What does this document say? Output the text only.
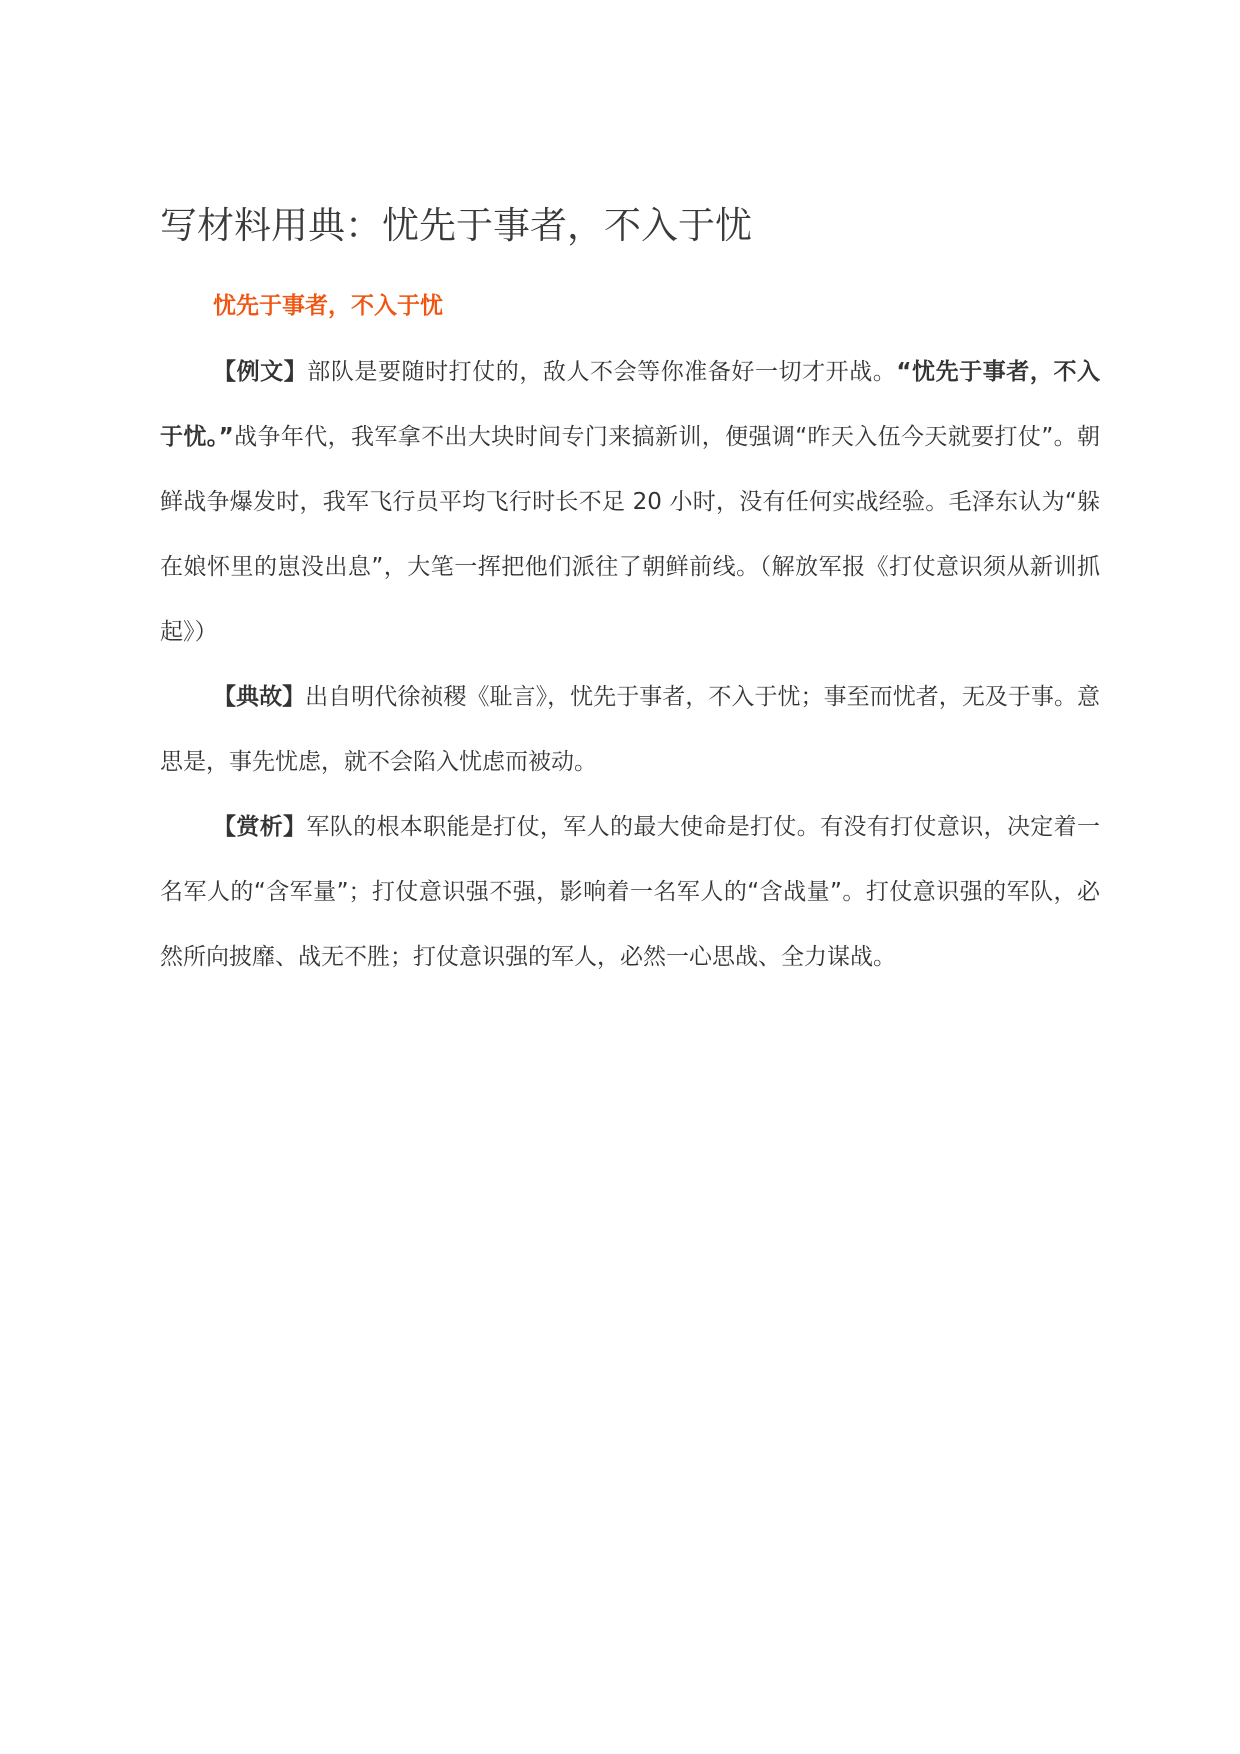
写材料用典：忧先于事者，不入于忧
忧先于事者，不入于忧

【例文】部队是要随时打仗的，敌人不会等你准备好一切才开战。“忧先于事者，不入于忧。”战争年代，我军拿不出大块时间专门来搞新训，便强调“昨天入伍今天就要打仗”。朝鲜战争爆发时，我军飞行员平均飞行时长不足 20 小时，没有任何实战经验。毛泽东认为“躲在娘怀里的崽没出息”，大笔一挥把他们派往了朝鲜前线。（解放军报《打仗意识须从新训抓起》）

【典故】出自明代徐祯稷《耻言》，忧先于事者，不入于忧；事至而忧者，无及于事。意思是，事先忧虑，就不会陷入忧虑而被动。

【赏析】军队的根本职能是打仗，军人的最大使命是打仗。有没有打仗意识，决定着一名军人的“含军量”；打仗意识强不强，影响着一名军人的“含战量”。打仗意识强的军队，必然所向披靡、战无不胜；打仗意识强的军人，必然一心思战、全力谋战。
